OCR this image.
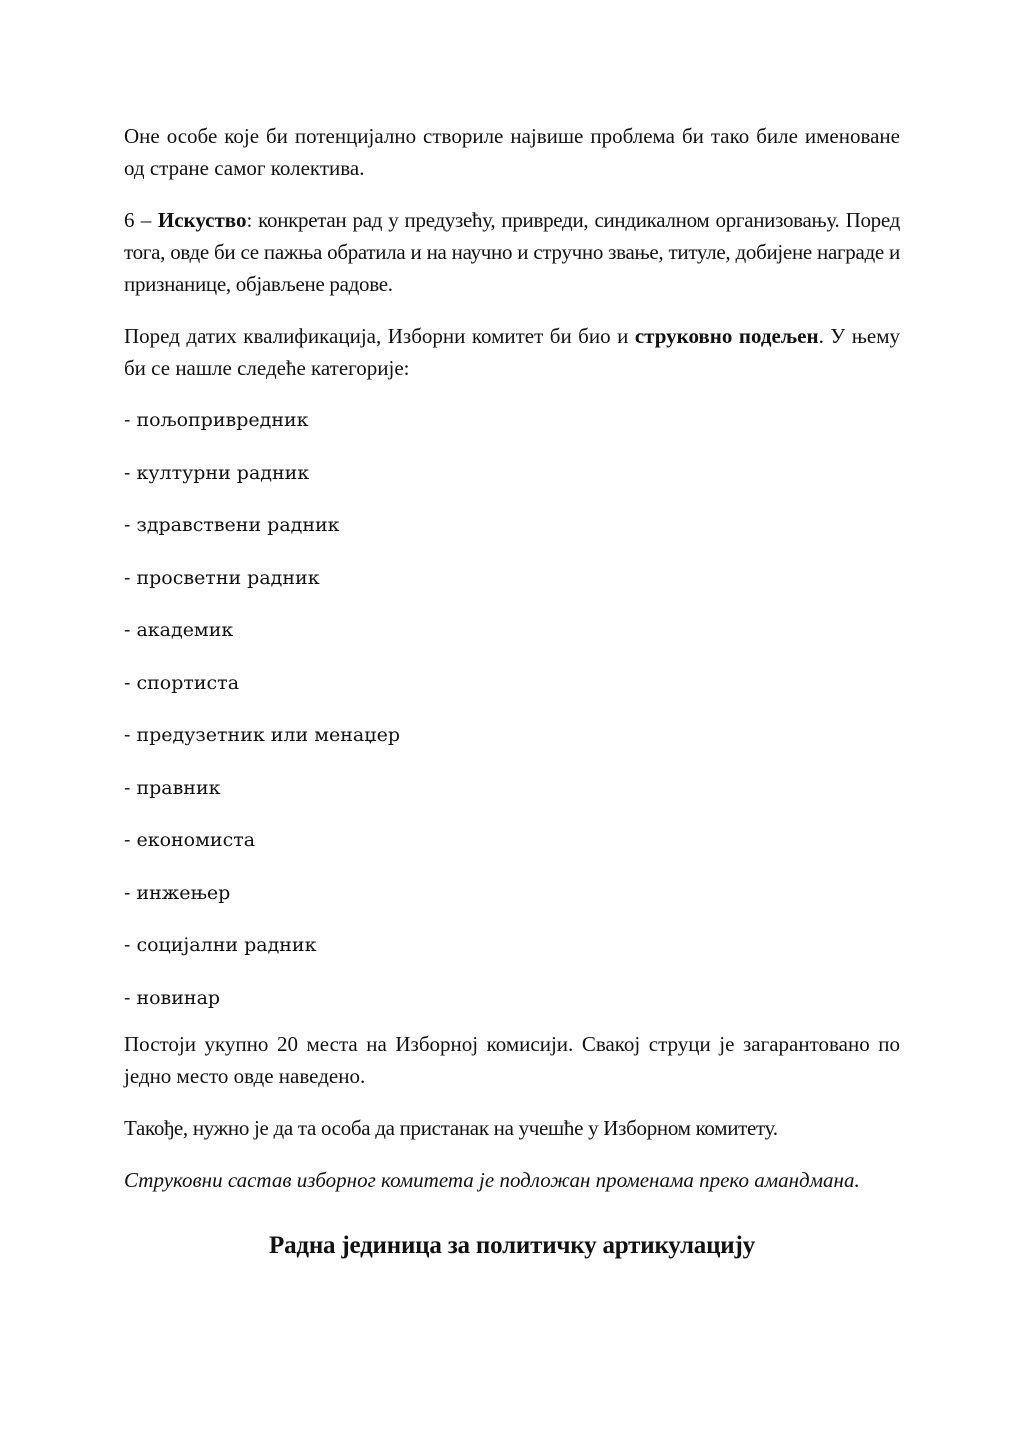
Оне особе које би потенцијално створиле највише проблема би тако биле именоване од стране самог колектива.

6 – Искуство: конкретан рад у предузећу, привреди, синдикалном организовању. Поред тога, овде би се пажња обратила и на научно и стручно звање, титуле, добијене награде и признанице, објављене радове.

Поред датих квалификација, Изборни комитет би био и струковно подељен. У њему би се нашле следеће категорије:

- пољопривредник
- културни радник
- здравствени радник
- просветни радник
- академик
- спортиста
- предузетник или менаџер
- правник
- економиста
- инжењер
- социјални радник
- новинар

Постоји укупно 20 места на Изборној комисији. Свакој струци је загарантовано по једно место овде наведено.

Такође, нужно је да та особа да пристанак на учешће у Изборном комитету.

Струковни састав изборног комитета је подложан променама преко амандмана.

Радна јединица за политичку артикулацију
